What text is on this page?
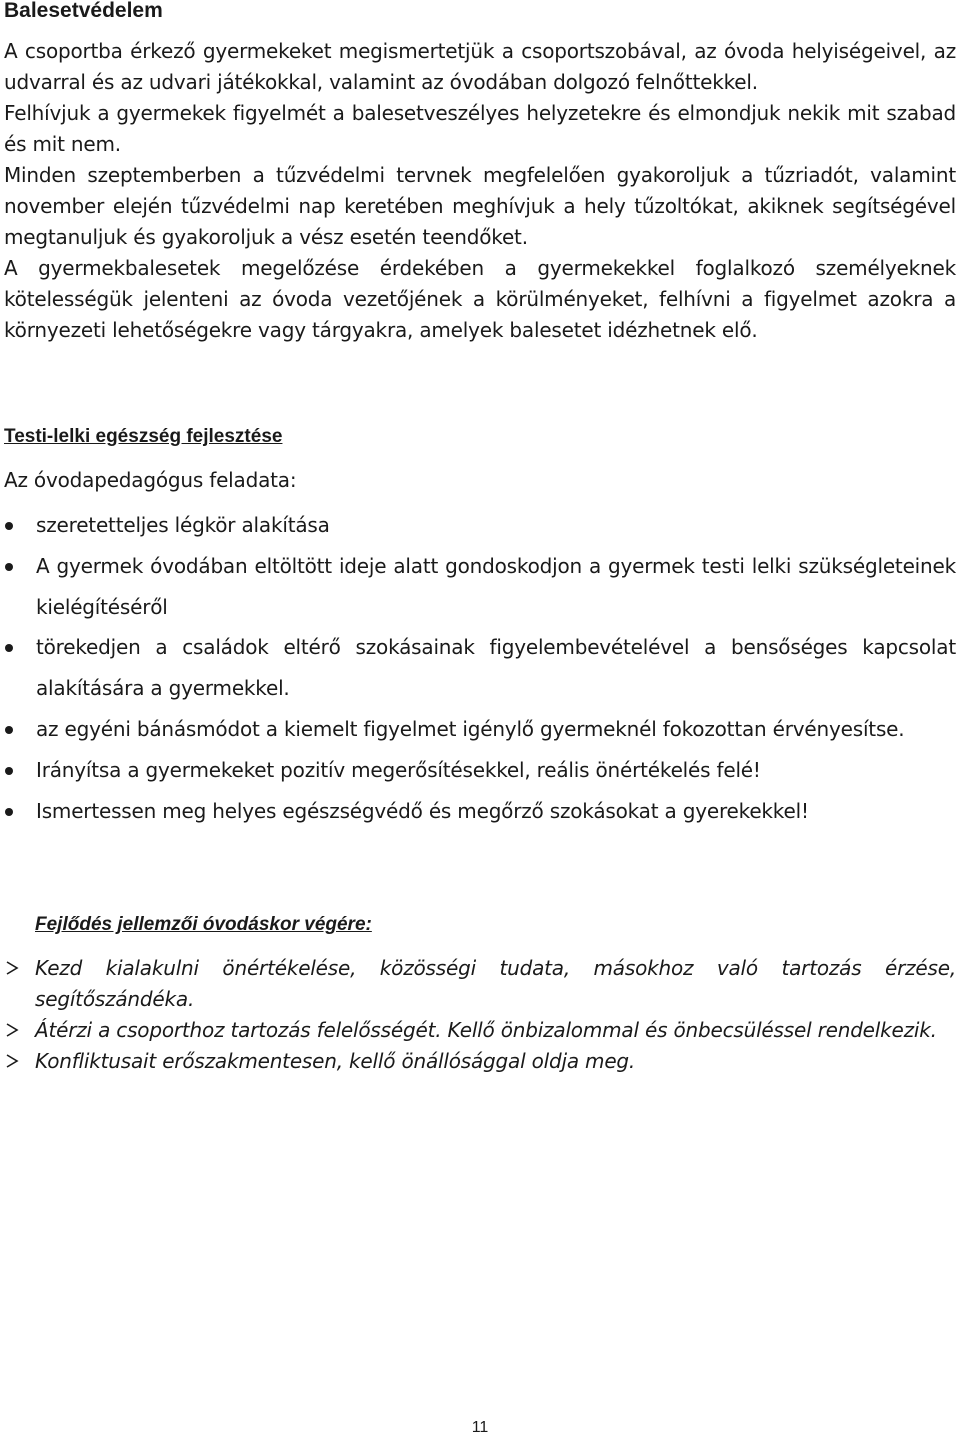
Balesetvédelem

A csoportba érkező gyermekeket megismertetjük a csoportszobával, az óvoda helyiségeivel, az udvarral és az udvari játékokkal, valamint az óvodában dolgozó felnőttekkel.

Felhívjuk a gyermekek figyelmét a balesetveszélyes helyzetekre és elmondjuk nekik mit szabad és mit nem.

Minden szeptemberben a tűzvédelmi tervnek megfelelően gyakoroljuk a tűzriadót, valamint november elején tűzvédelmi nap keretében meghívjuk a hely tűzoltókat, akiknek segítségével megtanuljuk és gyakoroljuk a vész esetén teendőket.

A gyermekbalesetek megelőzése érdekében a gyermekekkel foglalkozó személyeknek kötelességük jelenteni az óvoda vezetőjének a körülményeket, felhívni a figyelmet azokra a környezeti lehetőségekre vagy tárgyakra, amelyek balesetet idézhetnek elő.

Testi-lelki egészség fejlesztése

Az óvodapedagógus feladata:

szeretetteljes légkör alakítása
A gyermek óvodában eltöltött ideje alatt gondoskodjon a gyermek testi lelki szükségleteinek kielégítéséről
törekedjen a családok eltérő szokásainak figyelembevételével a bensőséges kapcsolat alakítására a gyermekkel.
az egyéni bánásmódot a kiemelt figyelmet igénylő gyermeknél fokozottan érvényesítse.
Irányítsa a gyermekeket pozitív megerősítésekkel, reális önértékelés felé!
Ismertessen meg helyes egészségvédő és megőrző szokásokat a gyerekekkel!
Fejlődés jellemzői óvodáskor végére:
Kezd kialakulni önértékelése, közösségi tudata, másokhoz való tartozás érzése, segítőszándéka.
Átérzi a csoporthoz tartozás felelősségét. Kellő önbizalommal és önbecsüléssel rendelkezik.
Konfliktusait erőszakmentesen, kellő önállósággal oldja meg.
11
